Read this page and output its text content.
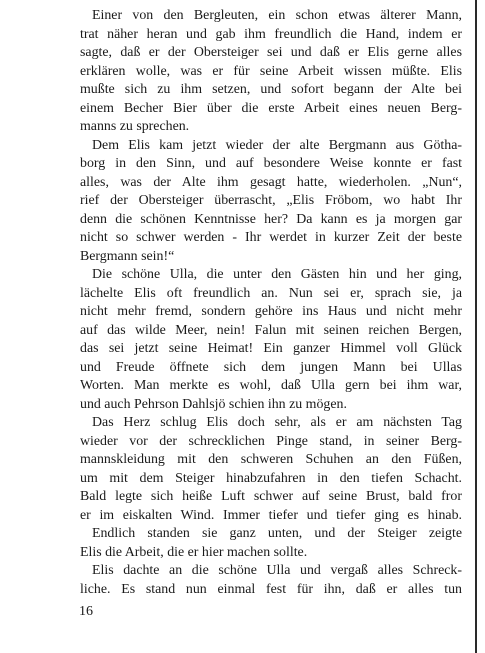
Einer von den Bergleuten, ein schon etwas älterer Mann,
trat näher heran und gab ihm freundlich die Hand, indem er
sagte, daß er der Obersteiger sei und daß er Elis gerne alles
erklären wolle, was er für seine Arbeit wissen müßte. Elis
mußte sich zu ihm setzen, und sofort begann der Alte bei
einem Becher Bier über die erste Arbeit eines neuen Berg-
manns zu sprechen.
Dem Elis kam jetzt wieder der alte Bergmann aus Götha-
borg in den Sinn, und auf besondere Weise konnte er fast
alles, was der Alte ihm gesagt hatte, wiederholen. „Nun“,
rief der Obersteiger überrascht, „Elis Fröbom, wo habt Ihr
denn die schönen Kenntnisse her? Da kann es ja morgen gar
nicht so schwer werden - Ihr werdet in kurzer Zeit der beste
Bergmann sein!“
Die schöne Ulla, die unter den Gästen hin und her ging,
lächelte Elis oft freundlich an. Nun sei er, sprach sie, ja
nicht mehr fremd, sondern gehöre ins Haus und nicht mehr
auf das wilde Meer, nein! Falun mit seinen reichen Bergen,
das sei jetzt seine Heimat! Ein ganzer Himmel voll Glück
und Freude öffnete sich dem jungen Mann bei Ullas
Worten. Man merkte es wohl, daß Ulla gern bei ihm war,
und auch Pehrson Dahlsjö schien ihn zu mögen.
Das Herz schlug Elis doch sehr, als er am nächsten Tag
wieder vor der schrecklichen Pinge stand, in seiner Berg-
mannskleidung mit den schweren Schuhen an den Füßen,
um mit dem Steiger hinabzufahren in den tiefen Schacht.
Bald legte sich heiße Luft schwer auf seine Brust, bald fror
er im eiskalten Wind. Immer tiefer und tiefer ging es hinab.
Endlich standen sie ganz unten, und der Steiger zeigte
Elis die Arbeit, die er hier machen sollte.
Elis dachte an die schöne Ulla und vergaß alles Schreck-
liche. Es stand nun einmal fest für ihn, daß er alles tun
16
